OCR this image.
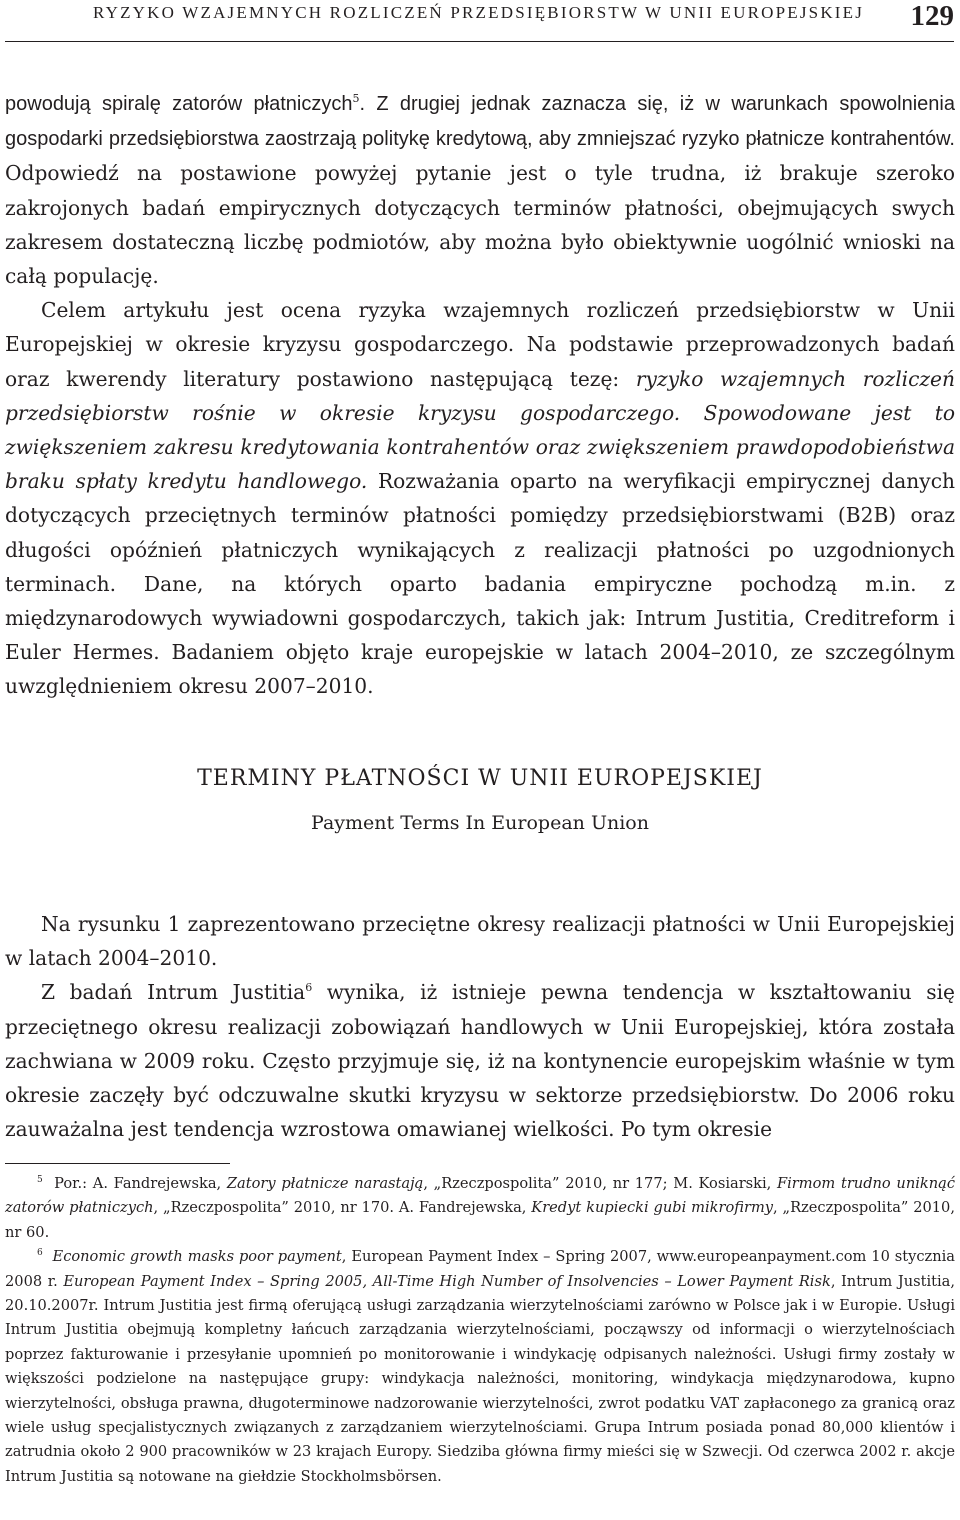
RYZYKO WZAJEMNYCH ROZLICZEŃ PRZEDSIĘBIORSTW W UNII EUROPEJSKIEJ 129

powodują spiralę zatorów płatniczych$^5$. Z drugiej jednak zaznacza się, iż w warunkach spowolnienia gospodarki przedsiębiorstwa zaostrzają politykę kredytową, aby zmniejszać ryzyko płatnicze kontrahentów. Odpowiedź na postawione powyżej pytanie jest o tyle trudna, iż brakuje szeroko zakrojonych badań empirycznych dotyczących terminów płatności, obejmujących swych zakresem dostateczną liczbę podmiotów, aby można było obiektywnie uogólnić wnioski na całą populację.

Celem artykułu jest ocena ryzyka wzajemnych rozliczeń przedsiębiorstw w Unii Europejskiej w okresie kryzysu gospodarczego. Na podstawie przeprowadzonych badań oraz kwerendy literatury postawiono następującą tezę: ryzyko wzajemnych rozliczeń przedsiębiorstw rośnie w okresie kryzysu gospodarczego. Spowodowane jest to zwiększeniem zakresu kredytowania kontrahentów oraz zwiększeniem prawdopodobieństwa braku spłaty kredytu handlowego. Rozważania oparto na weryfikacji empirycznej danych dotyczących przeciętnych terminów płatności pomiędzy przedsiębiorstwami (B2B) oraz długości opóźnień płatniczych wynikających z realizacji płatności po uzgodnionych terminach. Dane, na których oparto badania empiryczne pochodzą m.in. z międzynarodowych wywiadowni gospodarczych, takich jak: Intrum Justitia, Creditreform i Euler Hermes. Badaniem objęto kraje europejskie w latach 2004–2010, ze szczególnym uwzględnieniem okresu 2007–2010.

TERMINY PŁATNOŚCI W UNII EUROPEJSKIEJ
Payment Terms In European Union

Na rysunku 1 zaprezentowano przeciętne okresy realizacji płatności w Unii Europejskiej w latach 2004–2010.

Z badań Intrum Justitia$^6$ wynika, iż istnieje pewna tendencja w kształtowaniu się przeciętnego okresu realizacji zobowiązań handlowych w Unii Europejskiej, która została zachwiana w 2009 roku. Często przyjmuje się, iż na kontynencie europejskim właśnie w tym okresie zaczęły być odczuwalne skutki kryzysu w sektorze przedsiębiorstw. Do 2006 roku zauważalna jest tendencja wzrostowa omawianej wielkości. Po tym okresie

$^5$ Por.: A. Fandrejewska, Zatory płatnicze narastają, „Rzeczpospolita” 2010, nr 177; M. Kosiarski, Firmom trudno uniknąć zatorów płatniczych, „Rzeczpospolita” 2010, nr 170. A. Fandrejewska, Kredyt kupiecki gubi mikrofirmy, „Rzeczpospolita” 2010, nr 60.

$^6$ Economic growth masks poor payment, European Payment Index – Spring 2007, www.europeanpayment.com 10 stycznia 2008 r. European Payment Index – Spring 2005, All-Time High Number of Insolvencies – Lower Payment Risk, Intrum Justitia, 20.10.2007r. Intrum Justitia jest firmą oferującą usługi zarządzania wierzytelnościami zarówno w Polsce jak i w Europie. Usługi Intrum Justitia obejmują kompletny łańcuch zarządzania wierzytelnościami, począwszy od informacji o wierzytelnościach poprzez fakturowanie i przesyłanie upomnień po monitorowanie i windykację odpisanych należności. Usługi firmy zostały w większości podzielone na następujące grupy: windykacja należności, monitoring, windykacja międzynarodowa, kupno wierzytelności, obsługa prawna, długoterminowe nadzorowanie wierzytelności, zwrot podatku VAT zapłaconego za granicą oraz wiele usług specjalistycznych związanych z zarządzaniem wierzytelnościami. Grupa Intrum posiada ponad 80,000 klientów i zatrudnia około 2 900 pracowników w 23 krajach Europy. Siedziba główna firmy mieści się w Szwecji. Od czerwca 2002 r. akcje Intrum Justitia są notowane na giełdzie Stockholmsbörsen.
